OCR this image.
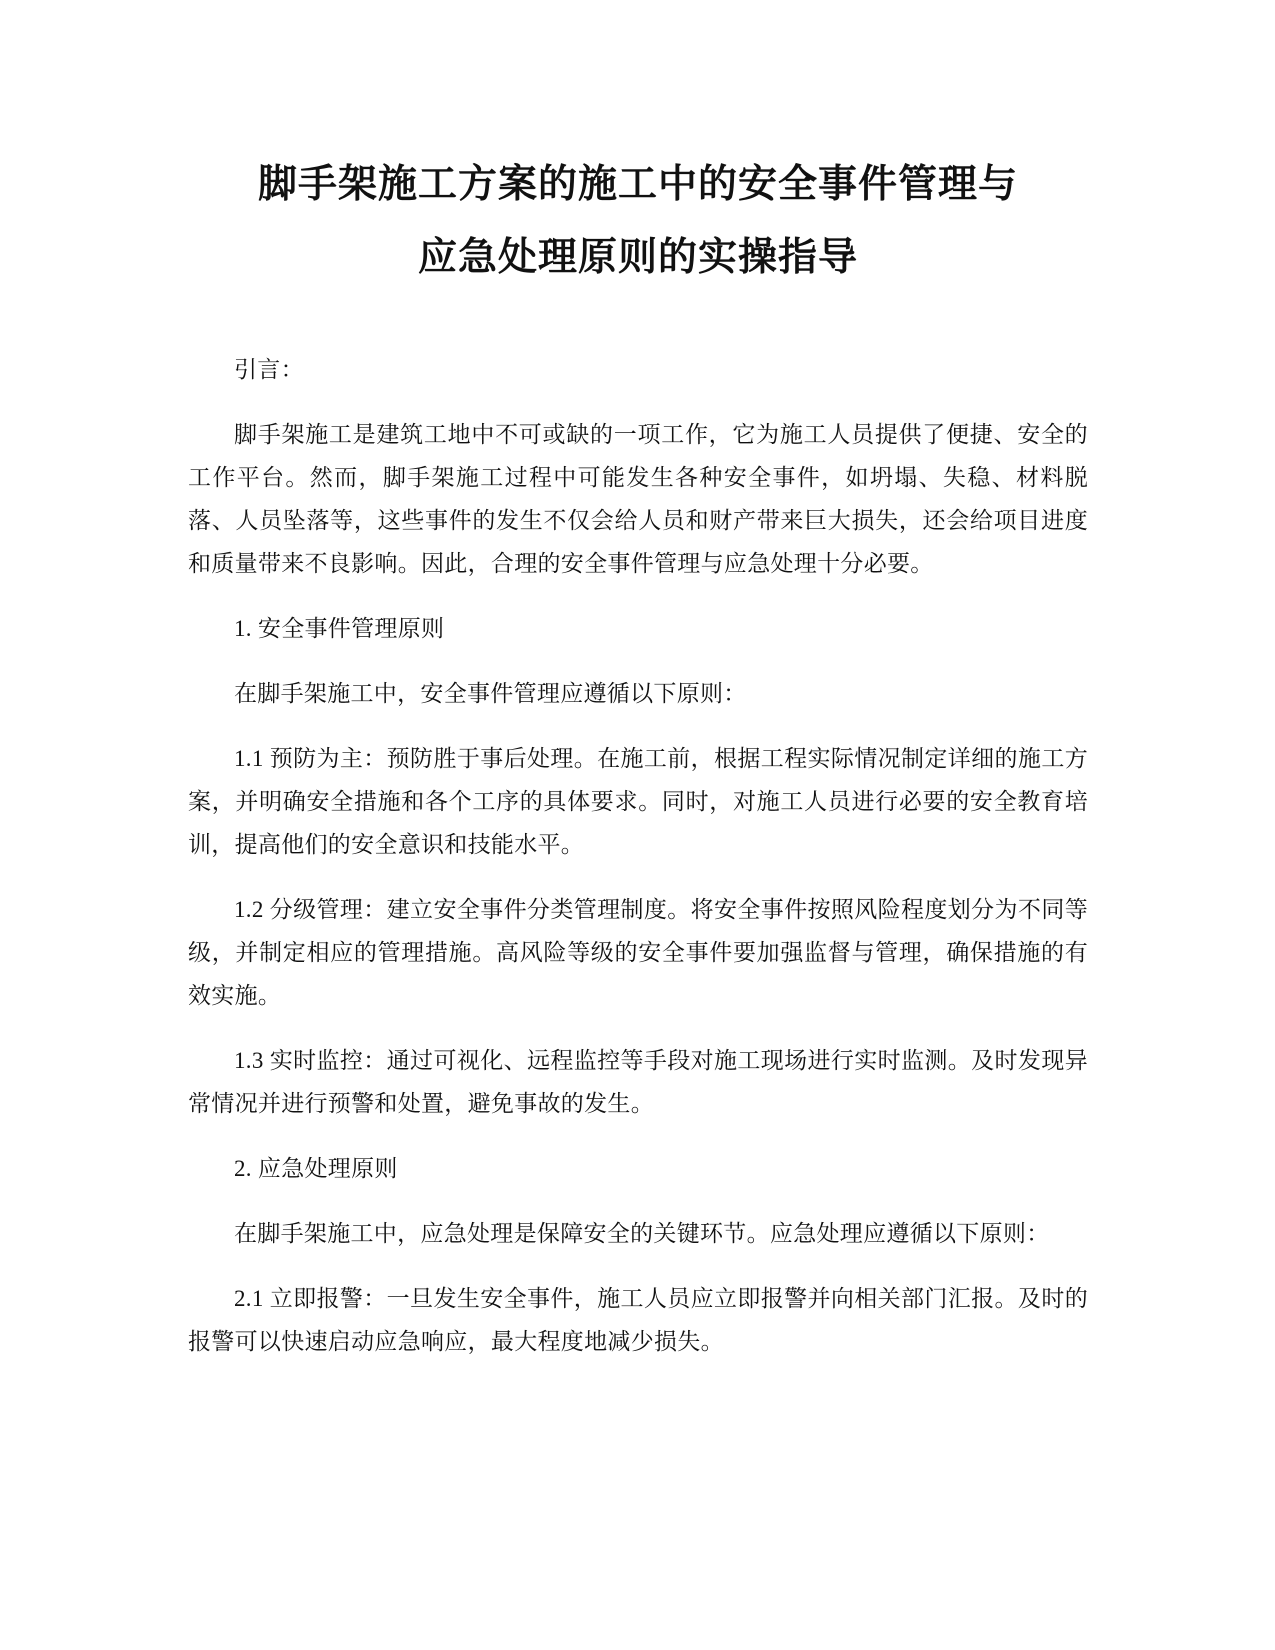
脚手架施工方案的施工中的安全事件管理与
应急处理原则的实操指导

引言：

脚手架施工是建筑工地中不可或缺的一项工作，它为施工人员提供了便捷、安全的工作平台。然而，脚手架施工过程中可能发生各种安全事件，如坍塌、失稳、材料脱落、人员坠落等，这些事件的发生不仅会给人员和财产带来巨大损失，还会给项目进度和质量带来不良影响。因此，合理的安全事件管理与应急处理十分必要。

1. 安全事件管理原则

在脚手架施工中，安全事件管理应遵循以下原则：

1.1 预防为主：预防胜于事后处理。在施工前，根据工程实际情况制定详细的施工方案，并明确安全措施和各个工序的具体要求。同时，对施工人员进行必要的安全教育培训，提高他们的安全意识和技能水平。

1.2 分级管理：建立安全事件分类管理制度。将安全事件按照风险程度划分为不同等级，并制定相应的管理措施。高风险等级的安全事件要加强监督与管理，确保措施的有效实施。

1.3 实时监控：通过可视化、远程监控等手段对施工现场进行实时监测。及时发现异常情况并进行预警和处置，避免事故的发生。

2. 应急处理原则

在脚手架施工中，应急处理是保障安全的关键环节。应急处理应遵循以下原则：

2.1 立即报警：一旦发生安全事件，施工人员应立即报警并向相关部门汇报。及时的报警可以快速启动应急响应，最大程度地减少损失。
